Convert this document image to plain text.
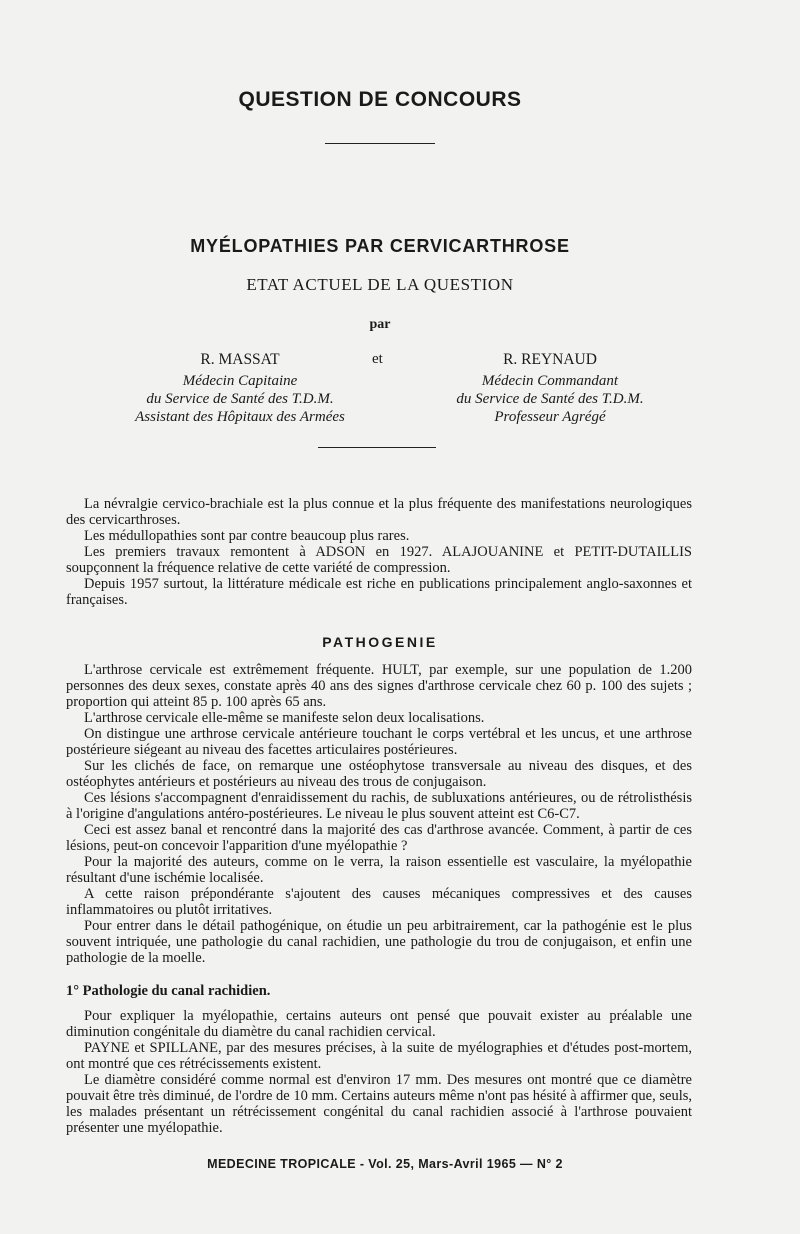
QUESTION DE CONCOURS
MYÉLOPATHIES PAR CERVICARTHROSE
ETAT ACTUEL DE LA QUESTION
par
R. MASSAT
Médecin Capitaine
du Service de Santé des T.D.M.
Assistant des Hôpitaux des Armées
et	R. REYNAUD
Médecin Commandant
du Service de Santé des T.D.M.
Professeur Agrégé

La névralgie cervico-brachiale est la plus connue et la plus fréquente des manifestations neurologiques des cervicarthroses.

Les médullopathies sont par contre beaucoup plus rares.

Les premiers travaux remontent à ADSON en 1927. ALAJOUANINE et PETIT-DUTAILLIS soupçonnent la fréquence relative de cette variété de compression.

Depuis 1957 surtout, la littérature médicale est riche en publications principalement anglo-saxonnes et françaises.

PATHOGENIE

L'arthrose cervicale est extrêmement fréquente. HULT, par exemple, sur une population de 1.200 personnes des deux sexes, constate après 40 ans des signes d'arthrose cervicale chez 60 p. 100 des sujets ; proportion qui atteint 85 p. 100 après 65 ans.

L'arthrose cervicale elle-même se manifeste selon deux localisations.

On distingue une arthrose cervicale antérieure touchant le corps vertébral et les uncus, et une arthrose postérieure siégeant au niveau des facettes articulaires postérieures.

Sur les clichés de face, on remarque une ostéophytose transversale au niveau des disques, et des ostéophytes antérieurs et postérieurs au niveau des trous de conjugaison.

Ces lésions s'accompagnent d'enraidissement du rachis, de subluxations antérieures, ou de rétrolisthésis à l'origine d'angulations antéro-postérieures. Le niveau le plus souvent atteint est C6-C7.

Ceci est assez banal et rencontré dans la majorité des cas d'arthrose avancée. Comment, à partir de ces lésions, peut-on concevoir l'apparition d'une myélopathie ?

Pour la majorité des auteurs, comme on le verra, la raison essentielle est vasculaire, la myélopathie résultant d'une ischémie localisée.

A cette raison prépondérante s'ajoutent des causes mécaniques compressives et des causes inflammatoires ou plutôt irritatives.

Pour entrer dans le détail pathogénique, on étudie un peu arbitrairement, car la pathogénie est le plus souvent intriquée, une pathologie du canal rachidien, une pathologie du trou de conjugaison, et enfin une pathologie de la moelle.

1° Pathologie du canal rachidien.

Pour expliquer la myélopathie, certains auteurs ont pensé que pouvait exister au préalable une diminution congénitale du diamètre du canal rachidien cervical.

PAYNE et SPILLANE, par des mesures précises, à la suite de myélographies et d'études post-mortem, ont montré que ces rétrécissements existent.

Le diamètre considéré comme normal est d'environ 17 mm. Des mesures ont montré que ce diamètre pouvait être très diminué, de l'ordre de 10 mm. Certains auteurs même n'ont pas hésité à affirmer que, seuls, les malades présentant un rétrécissement congénital du canal rachidien associé à l'arthrose pouvaient présenter une myélopathie.

MEDECINE TROPICALE - Vol. 25, Mars-Avril 1965 — N° 2
